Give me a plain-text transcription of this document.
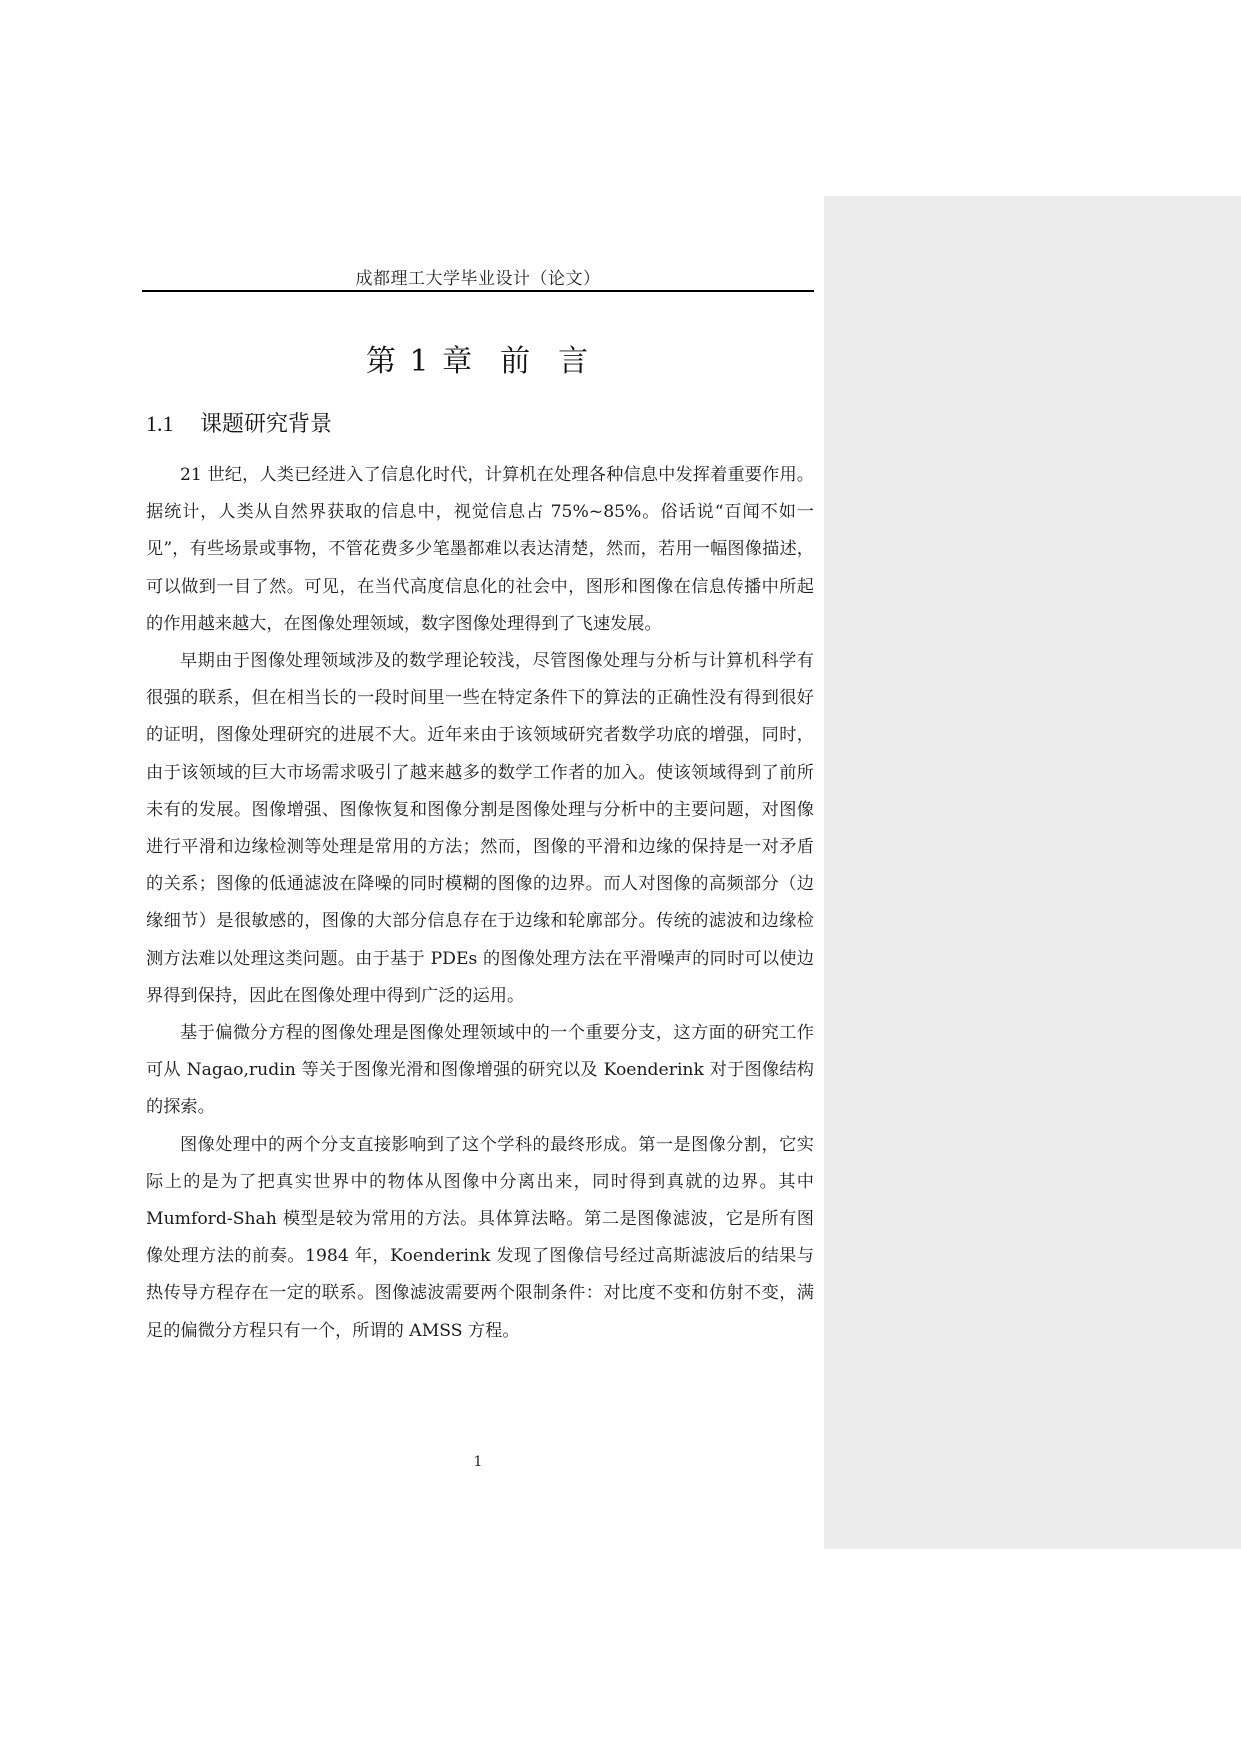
成都理工大学毕业设计（论文）
第 1 章 前 言
1.1 课题研究背景

21 世纪，人类已经进入了信息化时代，计算机在处理各种信息中发挥着重要作用。据统计，人类从自然界获取的信息中，视觉信息占 75%~85%。俗话说“百闻不如一见”，有些场景或事物，不管花费多少笔墨都难以表达清楚，然而，若用一幅图像描述，可以做到一目了然。可见，在当代高度信息化的社会中，图形和图像在信息传播中所起的作用越来越大，在图像处理领域，数字图像处理得到了飞速发展。

早期由于图像处理领域涉及的数学理论较浅，尽管图像处理与分析与计算机科学有很强的联系，但在相当长的一段时间里一些在特定条件下的算法的正确性没有得到很好的证明，图像处理研究的进展不大。近年来由于该领域研究者数学功底的增强，同时，由于该领域的巨大市场需求吸引了越来越多的数学工作者的加入。使该领域得到了前所未有的发展。图像增强、图像恢复和图像分割是图像处理与分析中的主要问题，对图像进行平滑和边缘检测等处理是常用的方法；然而，图像的平滑和边缘的保持是一对矛盾的关系；图像的低通滤波在降噪的同时模糊的图像的边界。而人对图像的高频部分（边缘细节）是很敏感的，图像的大部分信息存在于边缘和轮廓部分。传统的滤波和边缘检测方法难以处理这类问题。由于基于 PDEs 的图像处理方法在平滑噪声的同时可以使边界得到保持，因此在图像处理中得到广泛的运用。

基于偏微分方程的图像处理是图像处理领域中的一个重要分支，这方面的研究工作可从 Nagao,rudin 等关于图像光滑和图像增强的研究以及 Koenderink 对于图像结构的探索。

图像处理中的两个分支直接影响到了这个学科的最终形成。第一是图像分割，它实际上的是为了把真实世界中的物体从图像中分离出来，同时得到真就的边界。其中 Mumford-Shah 模型是较为常用的方法。具体算法略。第二是图像滤波，它是所有图像处理方法的前奏。1984 年，Koenderink 发现了图像信号经过高斯滤波后的结果与热传导方程存在一定的联系。图像滤波需要两个限制条件：对比度不变和仿射不变，满足的偏微分方程只有一个，所谓的 AMSS 方程。

1
